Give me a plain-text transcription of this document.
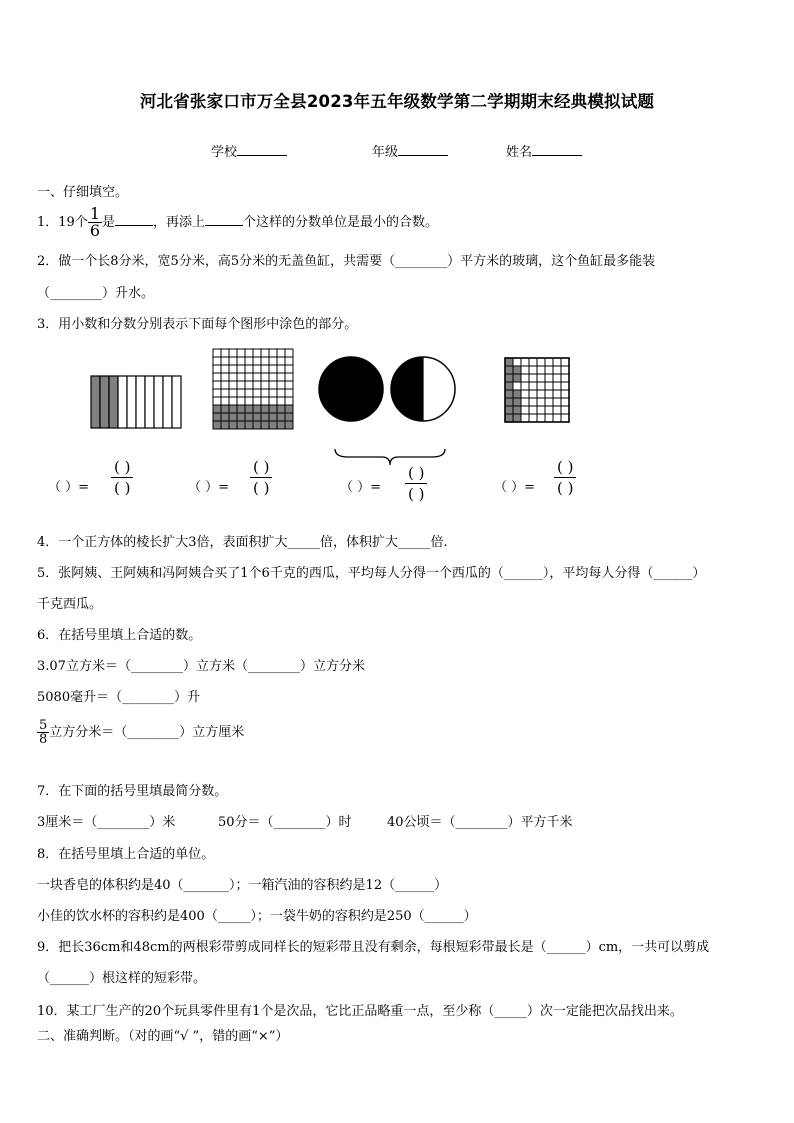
河北省张家口市万全县2023年五年级数学第二学期期末经典模拟试题
学校	年级	姓名
一、仔细填空。
1．19个 $\frac{1}{6}$ 是	，再添上	个这样的分数单位是最小的合数。
2．做一个长8分米，宽5分米，高5分米的无盖鱼缸，共需要（________）平方米的玻璃，这个鱼缸最多能装
（________）升水。
3．用小数和分数分别表示下面每个图形中涂色的部分。
（ ）=
( )
( )	（ ）=
( )
( )	（ ）=
( )
( )	（ ）=
( )
( )
4．一个正方体的棱长扩大3倍，表面积扩大_____倍，体积扩大_____倍.
5．张阿姨、王阿姨和冯阿姨合买了1个6千克的西瓜，平均每人分得一个西瓜的（______），平均每人分得（______）
千克西瓜。
6．在括号里填上合适的数。
3.07立方米＝（________）立方米（________）立方分米
5080毫升＝（________）升
$\frac{5}{8}$ 立方分米＝（________）立方厘米
7．在下面的括号里填最简分数。
3厘米＝（________）米	50分＝（________）时	40公顷＝（________）平方千米
8．在括号里填上合适的单位。
一块香皂的体积约是40（_______）；一箱汽油的容积约是12（______）
小佳的饮水杯的容积约是400（_____）；一袋牛奶的容积约是250（______）
9．把长36cm和48cm的两根彩带剪成同样长的短彩带且没有剩余，每根短彩带最长是（______）cm，一共可以剪成
（______）根这样的短彩带。
10．某工厂生产的20个玩具零件里有1个是次品，它比正品略重一点，至少称（_____）次一定能把次品找出来。
二、准确判断。（对的画“√ ”，错的画“×”）
